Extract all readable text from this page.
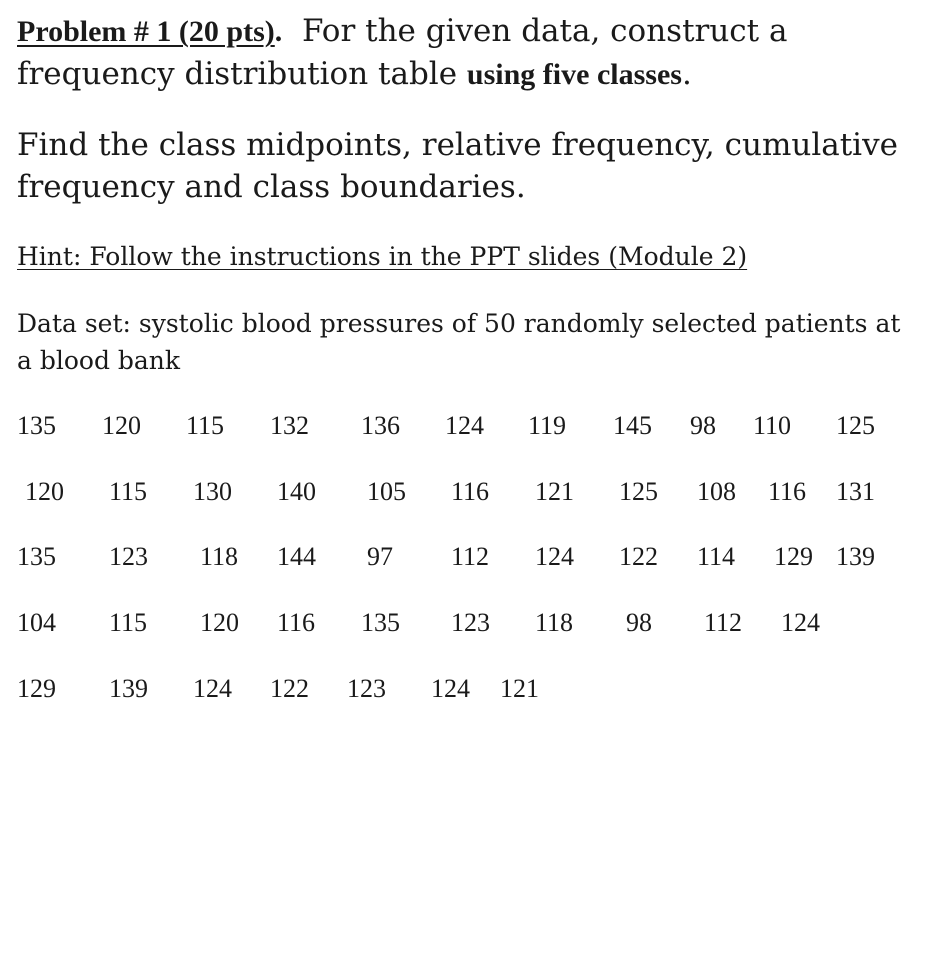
Problem # 1 (20 pts). For the given data, construct a
frequency distribution table using five classes.
Find the class midpoints, relative frequency, cumulative
frequency and class boundaries.
Hint: Follow the instructions in the PPT slides (Module 2)
Data set: systolic blood pressures of 50 randomly selected patients at
a blood bank
135 120 115 132 136 124 119 145 98 110 125
120 115 130 140 105 116 121 125 108 116 131
135 123 118 144 97 112 124 122 114 129 139
104 115 120 116 135 123 118 98 112 124
129 139 124 122 123 124 121
